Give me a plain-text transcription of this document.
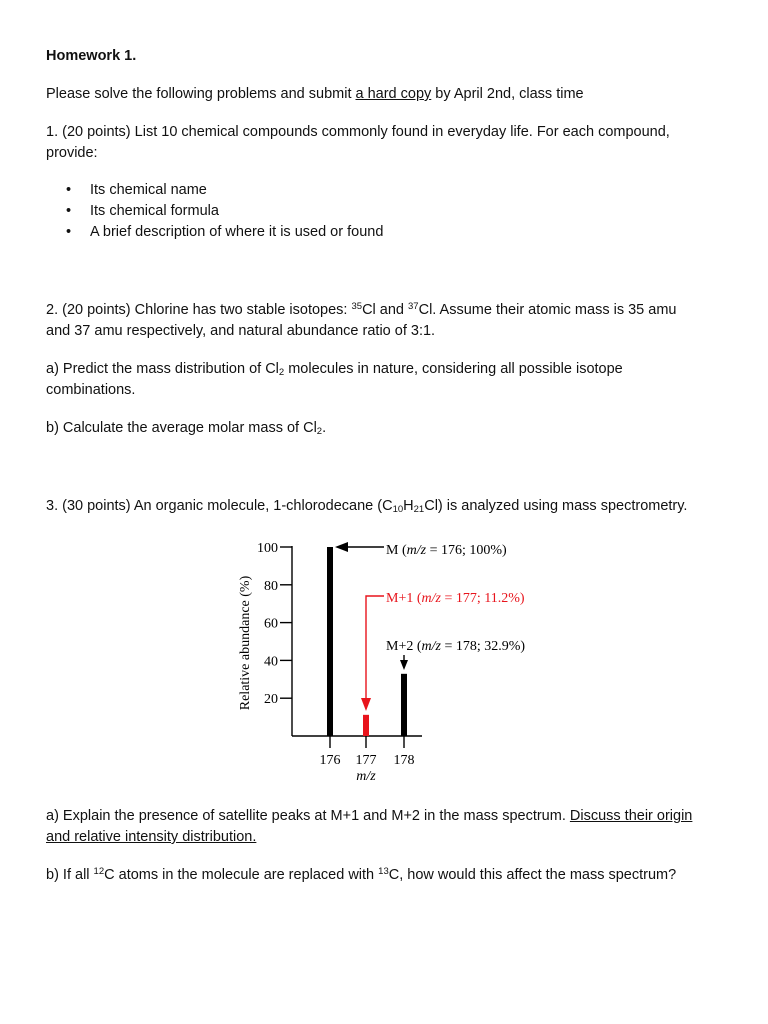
Homework 1.
Please solve the following problems and submit a hard copy by April 2nd, class time
1. (20 points) List 10 chemical compounds commonly found in everyday life. For each compound,
provide:
• Its chemical name
• Its chemical formula
• A brief description of where it is used or found
2. (20 points) Chlorine has two stable isotopes: $^{35}$Cl and $^{37}$Cl. Assume their atomic mass is 35 amu
and 37 amu respectively, and natural abundance ratio of 3:1.
a) Predict the mass distribution of $Cl_2$ molecules in nature, considering all possible isotope
combinations.
b) Calculate the average molar mass of $Cl_2$.
3. (30 points) An organic molecule, 1-chlorodecane $(C_{10}H_{21}Cl)$ is analyzed using mass spectrometry.
20
40
60
80
100
176 177 178
m/z
Relative abundance (%)
M (m/z = 176; 100%)
M+1 (m/z = 177; 11.2%)
M+2 (m/z = 178; 32.9%)
a) Explain the presence of satellite peaks at M+1 and M+2 in the mass spectrum. Discuss their origin
and relative intensity distribution.
b) If all $^{12}$C atoms in the molecule are replaced with $^{13}$C, how would this affect the mass spectrum?
